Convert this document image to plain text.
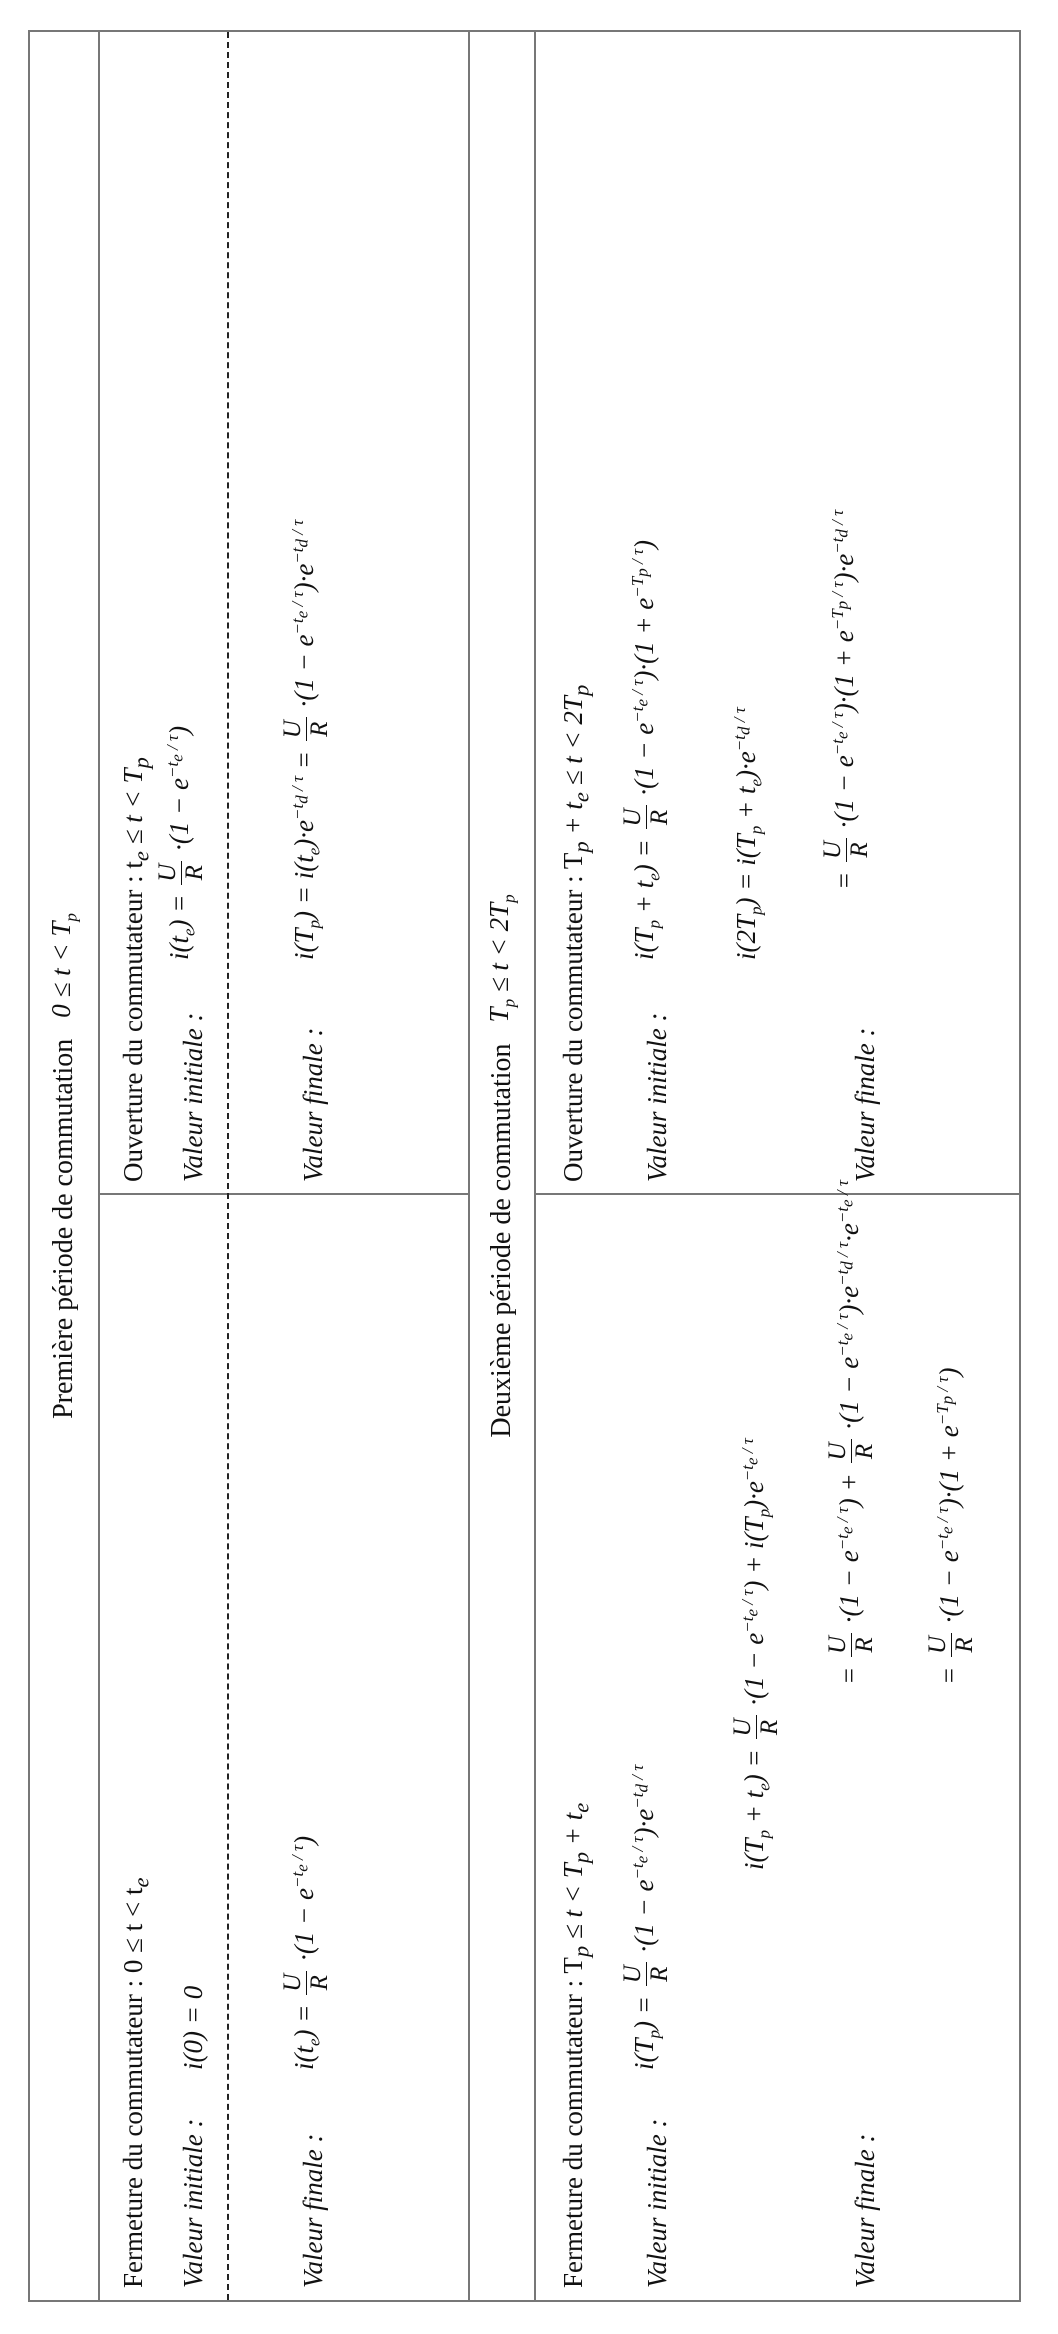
Première période de commutation

$0 \le t < T_p$
Fermeture du commutateur : $0 \le t < t_e$
Valeur initiale :
i(0) = 0
Valeur finale :
$i(t_e)$ =
U R
$\cdot(1 - e^{-t_e / \tau})$
Ouverture du commutateur : $t_e \le t < T_p$
Valeur initiale :
$i(t_e)$ =
U R
$\cdot(1 - e^{-t_e / \tau})$
Valeur finale :
$i(T_p) = i(t_e)\cdot e^{-t_d / \tau}$ =
U R
$\cdot(1 - e^{-t_e / \tau})\cdot e^{-t_d / \tau}$
Deuxième période de commutation

$T_p \le t < 2T_p$
Fermeture du commutateur : $T_p \le t < T_p + t_e$
Valeur initiale :
$i(T_p)$ =
U R
$\cdot(1 - e^{-t_e / \tau})\cdot e^{-t_d / \tau}$
$i(T_p + t_e)$ =
U R
$\cdot(1 - e^{-t_e / \tau}) + i(T_p)\cdot e^{-t_e / \tau}$
Valeur finale :
=
U R
$\cdot(1 - e^{-t_e / \tau})$ +
U R
$\cdot(1 - e^{-t_e / \tau})\cdot e^{-t_d / \tau}\cdot e^{-t_e / \tau}$
=
U R
$\cdot(1 - e^{-t_e / \tau})\cdot(1 + e^{-T_p / \tau})$
Ouverture du commutateur : $T_p + t_e \le t < 2T_p$
Valeur initiale :
$i(T_p + t_e)$ =
U R
$\cdot(1 - e^{-t_e / \tau})\cdot(1 + e^{-T_p / \tau})$
$i(2T_p) = i(T_p + t_e)\cdot e^{-t_d / \tau}$
Valeur finale :
=
U R
$\cdot(1 - e^{-t_e / \tau})\cdot(1 + e^{-T_p / \tau})\cdot e^{-t_d / \tau}$
